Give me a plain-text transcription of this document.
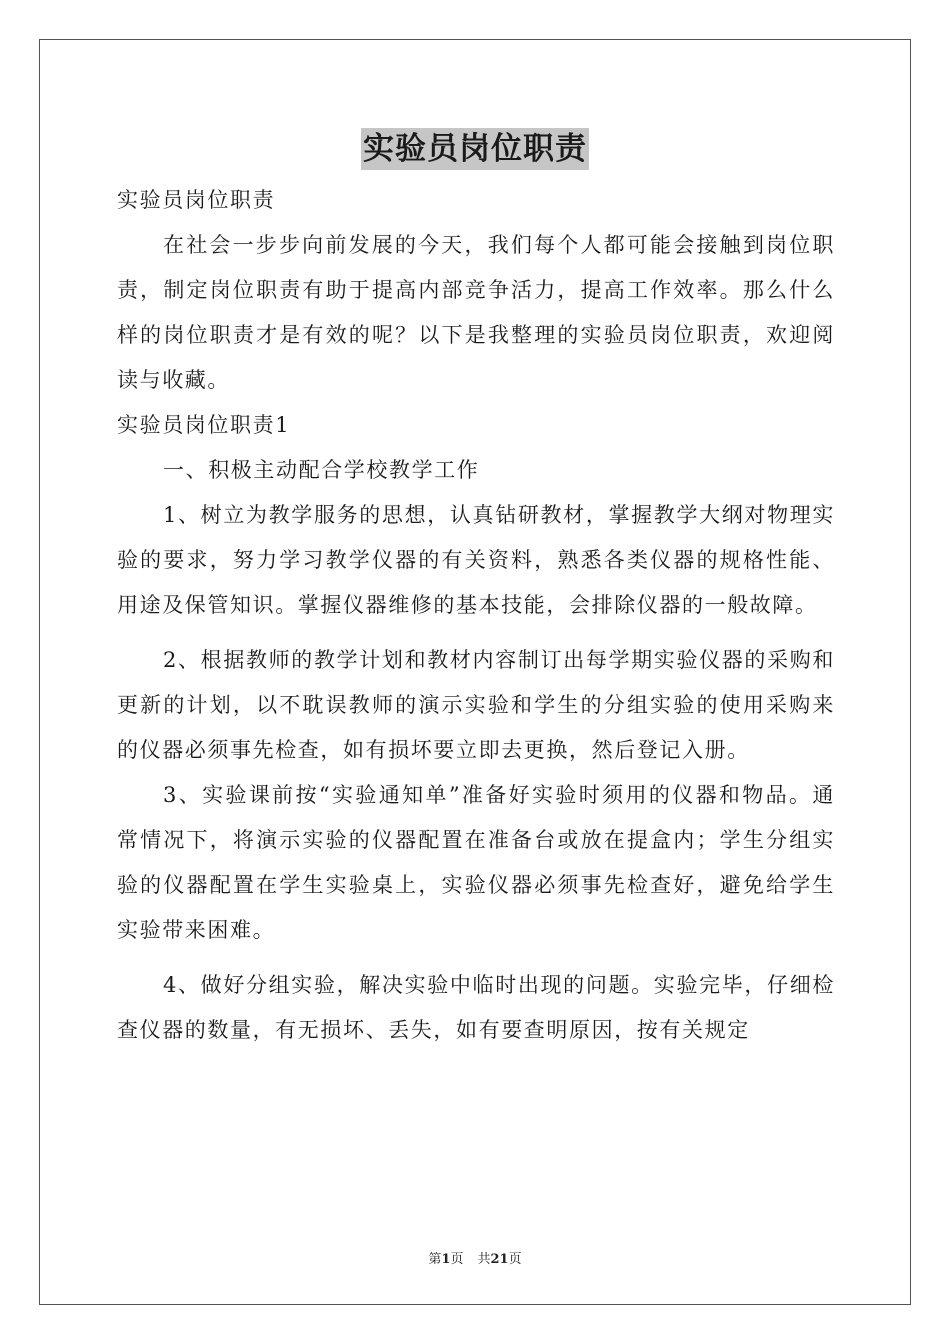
实验员岗位职责

实验员岗位职责

在社会一步步向前发展的今天，我们每个人都可能会接触到岗位职责，制定岗位职责有助于提高内部竞争活力，提高工作效率。那么什么样的岗位职责才是有效的呢？以下是我整理的实验员岗位职责，欢迎阅读与收藏。

实验员岗位职责1

一、积极主动配合学校教学工作

1、树立为教学服务的思想，认真钻研教材，掌握教学大纲对物理实验的要求，努力学习教学仪器的有关资料，熟悉各类仪器的规格性能、用途及保管知识。掌握仪器维修的基本技能，会排除仪器的一般故障。

2、根据教师的教学计划和教材内容制订出每学期实验仪器的采购和更新的计划，以不耽误教师的演示实验和学生的分组实验的使用采购来的仪器必须事先检查，如有损坏要立即去更换，然后登记入册。

3、实验课前按“实验通知单”准备好实验时须用的仪器和物品。通常情况下，将演示实验的仪器配置在准备台或放在提盒内；学生分组实验的仪器配置在学生实验桌上，实验仪器必须事先检查好，避免给学生实验带来困难。

4、做好分组实验，解决实验中临时出现的问题。实验完毕，仔细检查仪器的数量，有无损坏、丢失，如有要查明原因，按有关规定

第1页 共21页
